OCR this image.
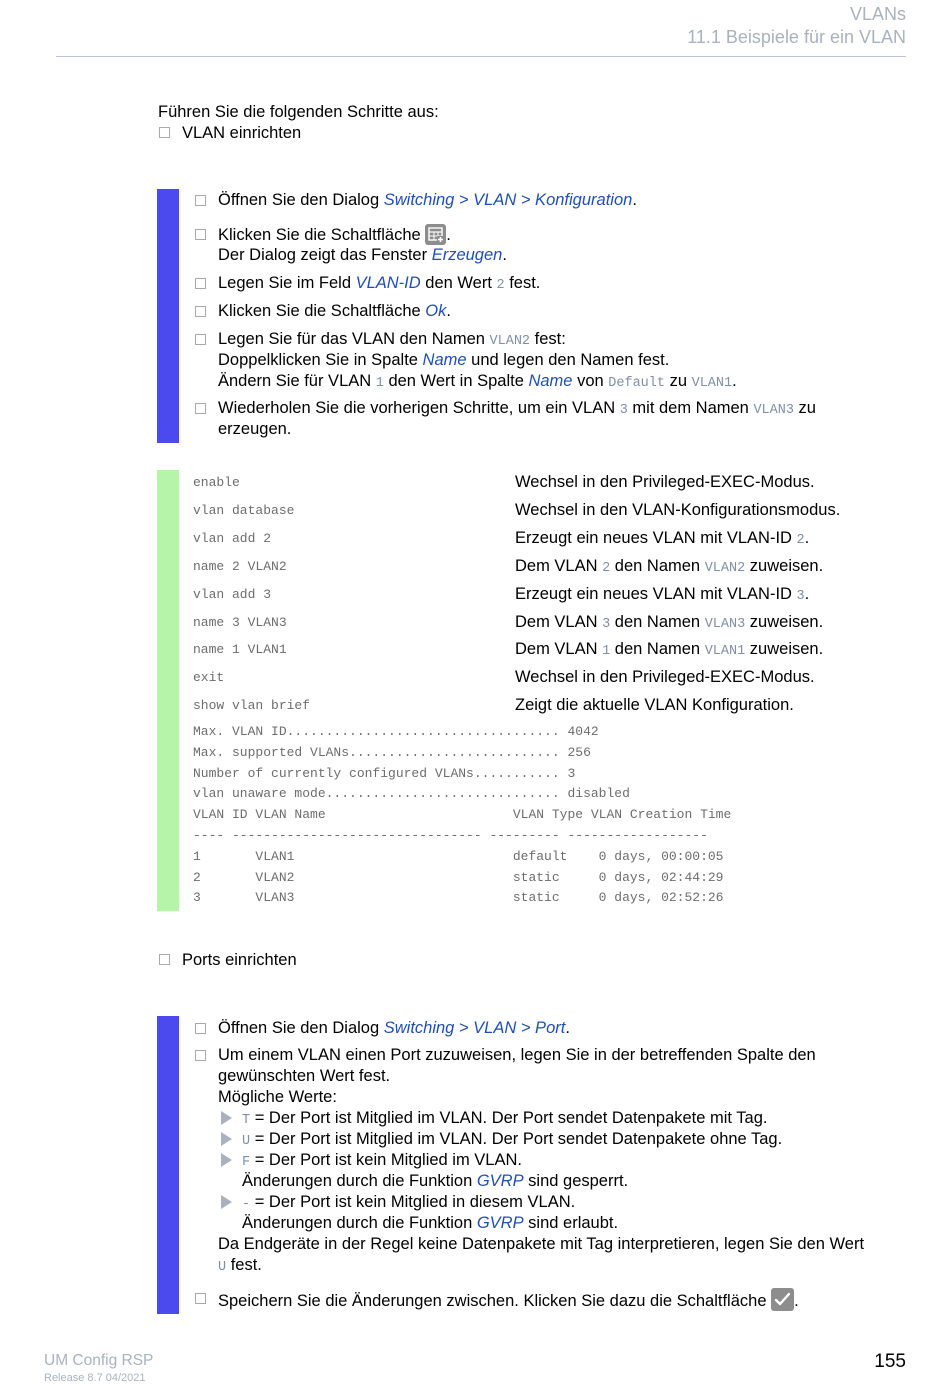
VLANs
11.1 Beispiele für ein VLAN
Führen Sie die folgenden Schritte aus:
VLAN einrichten
Öffnen Sie den Dialog Switching > VLAN > Konfiguration.
Klicken Sie die Schaltfläche .
Der Dialog zeigt das Fenster Erzeugen.
Legen Sie im Feld VLAN-ID den Wert 2 fest.
Klicken Sie die Schaltfläche Ok.
Legen Sie für das VLAN den Namen VLAN2 fest:
Doppelklicken Sie in Spalte Name und legen den Namen fest.
Ändern Sie für VLAN 1 den Wert in Spalte Name von Default zu VLAN1.
Wiederholen Sie die vorherigen Schritte, um ein VLAN 3 mit dem Namen VLAN3 zu
erzeugen.
enable	Wechsel in den Privileged-EXEC-Modus.
vlan database	Wechsel in den VLAN-Konfigurationsmodus.
vlan add 2	Erzeugt ein neues VLAN mit VLAN-ID 2.
name 2 VLAN2	Dem VLAN 2 den Namen VLAN2 zuweisen.
vlan add 3	Erzeugt ein neues VLAN mit VLAN-ID 3.
name 3 VLAN3	Dem VLAN 3 den Namen VLAN3 zuweisen.
name 1 VLAN1	Dem VLAN 1 den Namen VLAN1 zuweisen.
exit	Wechsel in den Privileged-EXEC-Modus.
show vlan brief	Zeigt die aktuelle VLAN Konfiguration.
Max. VLAN ID................................... 4042
Max. supported VLANs........................... 256
Number of currently configured VLANs........... 3
vlan unaware mode.............................. disabled
VLAN ID VLAN Name                        VLAN Type VLAN Creation Time
---- -------------------------------- --------- ------------------
1       VLAN1                            default    0 days, 00:00:05
2       VLAN2                            static     0 days, 02:44:29
3       VLAN3                            static     0 days, 02:52:26
Ports einrichten
Öffnen Sie den Dialog Switching > VLAN > Port.
Um einem VLAN einen Port zuzuweisen, legen Sie in der betreffenden Spalte den
gewünschten Wert fest.
Mögliche Werte:
T = Der Port ist Mitglied im VLAN. Der Port sendet Datenpakete mit Tag.
U = Der Port ist Mitglied im VLAN. Der Port sendet Datenpakete ohne Tag.
F = Der Port ist kein Mitglied im VLAN.
Änderungen durch die Funktion GVRP sind gesperrt.
- = Der Port ist kein Mitglied in diesem VLAN.
Änderungen durch die Funktion GVRP sind erlaubt.
Da Endgeräte in der Regel keine Datenpakete mit Tag interpretieren, legen Sie den Wert
U fest.
Speichern Sie die Änderungen zwischen. Klicken Sie dazu die Schaltfläche .
UM Config RSP
Release 8.7 04/2021
155
